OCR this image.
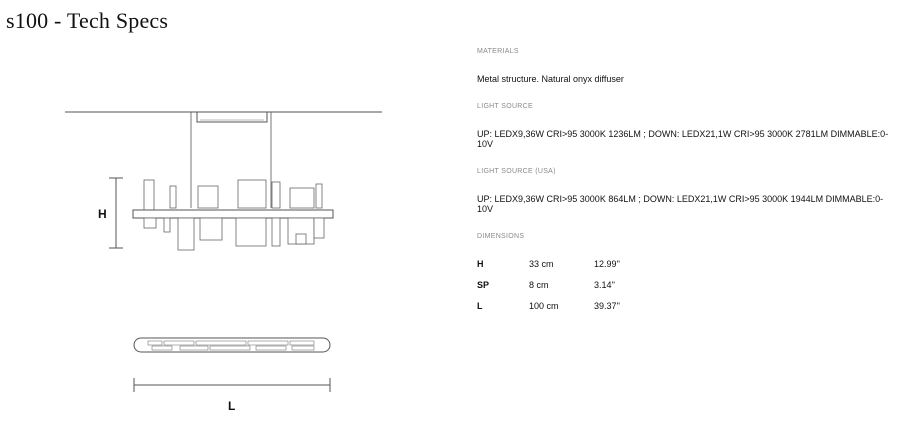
s100 - Tech Specs
H
L
MATERIALS
Metal structure. Natural onyx diffuser
LIGHT SOURCE
UP: LEDX9,36W CRI>95 3000K 1236LM ; DOWN: LEDX21,1W CRI>95 3000K 2781LM DIMMABLE:0-10V
LIGHT SOURCE (USA)
UP: LEDX9,36W CRI>95 3000K 864LM ; DOWN: LEDX21,1W CRI>95 3000K 1944LM DIMMABLE:0-10V
DIMENSIONS
H	33 cm	12.99''
SP	8 cm	3.14''
L	100 cm	39.37''
